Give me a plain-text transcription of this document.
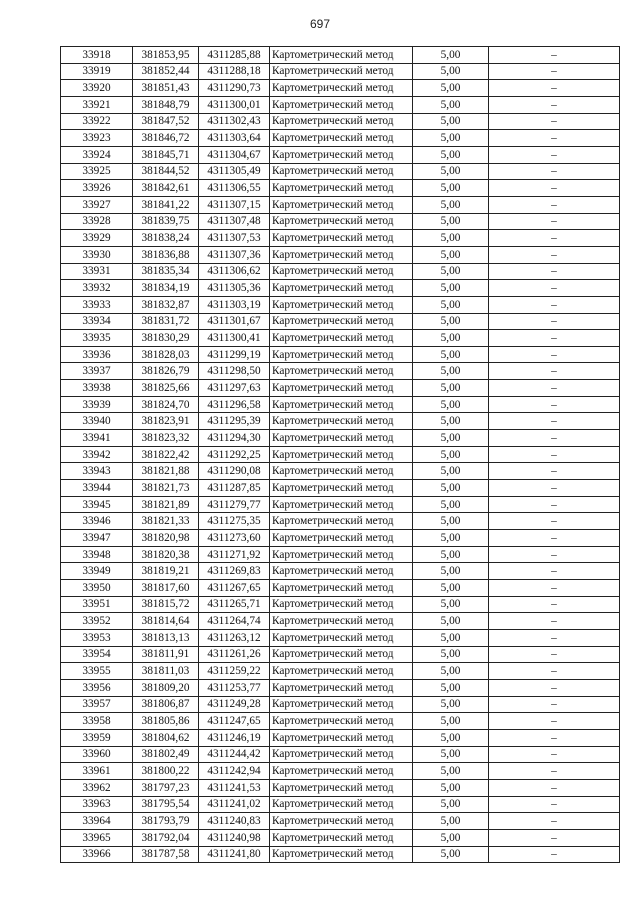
697
33918	381853,95	4311285,88	Картометрический метод	5,00	–
33919	381852,44	4311288,18	Картометрический метод	5,00	–
33920	381851,43	4311290,73	Картометрический метод	5,00	–
33921	381848,79	4311300,01	Картометрический метод	5,00	–
33922	381847,52	4311302,43	Картометрический метод	5,00	–
33923	381846,72	4311303,64	Картометрический метод	5,00	–
33924	381845,71	4311304,67	Картометрический метод	5,00	–
33925	381844,52	4311305,49	Картометрический метод	5,00	–
33926	381842,61	4311306,55	Картометрический метод	5,00	–
33927	381841,22	4311307,15	Картометрический метод	5,00	–
33928	381839,75	4311307,48	Картометрический метод	5,00	–
33929	381838,24	4311307,53	Картометрический метод	5,00	–
33930	381836,88	4311307,36	Картометрический метод	5,00	–
33931	381835,34	4311306,62	Картометрический метод	5,00	–
33932	381834,19	4311305,36	Картометрический метод	5,00	–
33933	381832,87	4311303,19	Картометрический метод	5,00	–
33934	381831,72	4311301,67	Картометрический метод	5,00	–
33935	381830,29	4311300,41	Картометрический метод	5,00	–
33936	381828,03	4311299,19	Картометрический метод	5,00	–
33937	381826,79	4311298,50	Картометрический метод	5,00	–
33938	381825,66	4311297,63	Картометрический метод	5,00	–
33939	381824,70	4311296,58	Картометрический метод	5,00	–
33940	381823,91	4311295,39	Картометрический метод	5,00	–
33941	381823,32	4311294,30	Картометрический метод	5,00	–
33942	381822,42	4311292,25	Картометрический метод	5,00	–
33943	381821,88	4311290,08	Картометрический метод	5,00	–
33944	381821,73	4311287,85	Картометрический метод	5,00	–
33945	381821,89	4311279,77	Картометрический метод	5,00	–
33946	381821,33	4311275,35	Картометрический метод	5,00	–
33947	381820,98	4311273,60	Картометрический метод	5,00	–
33948	381820,38	4311271,92	Картометрический метод	5,00	–
33949	381819,21	4311269,83	Картометрический метод	5,00	–
33950	381817,60	4311267,65	Картометрический метод	5,00	–
33951	381815,72	4311265,71	Картометрический метод	5,00	–
33952	381814,64	4311264,74	Картометрический метод	5,00	–
33953	381813,13	4311263,12	Картометрический метод	5,00	–
33954	381811,91	4311261,26	Картометрический метод	5,00	–
33955	381811,03	4311259,22	Картометрический метод	5,00	–
33956	381809,20	4311253,77	Картометрический метод	5,00	–
33957	381806,87	4311249,28	Картометрический метод	5,00	–
33958	381805,86	4311247,65	Картометрический метод	5,00	–
33959	381804,62	4311246,19	Картометрический метод	5,00	–
33960	381802,49	4311244,42	Картометрический метод	5,00	–
33961	381800,22	4311242,94	Картометрический метод	5,00	–
33962	381797,23	4311241,53	Картометрический метод	5,00	–
33963	381795,54	4311241,02	Картометрический метод	5,00	–
33964	381793,79	4311240,83	Картометрический метод	5,00	–
33965	381792,04	4311240,98	Картометрический метод	5,00	–
33966	381787,58	4311241,80	Картометрический метод	5,00	–
